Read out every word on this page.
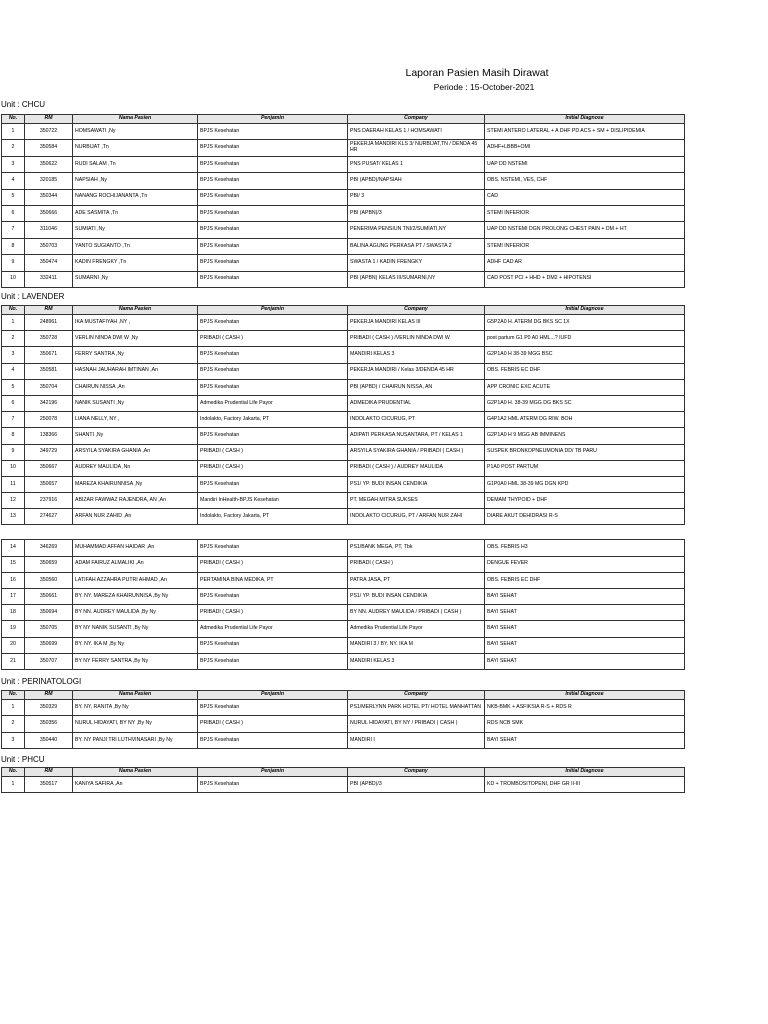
Laporan Pasien Masih Dirawat
Periode : 15-October-2021
Unit : CHCU
No.	RM	Nama Pasien	Penjamin	Company	Initial Diagnose
1	350722	HOMSAWATI ,Ny	BPJS Kesehatan	PNS DAERAH KELAS 1 / HOMSAWATI	STEMI ANTERO LATERAL + A DHF PD ACS + SM + DISLIPIDEMIA
2	350584	NURBIJAT ,Tn	BPJS Kesehatan	PEKERJA MANDIRI KLS 3/ NURBIJAT,TN / DENDA 45 HR	ADHF+LBBB+OMI
3	350622	RUDI SALAM ,Tn	BPJS Kesehatan	PNS PUSAT/ KELAS 1	UAP DD NSTEMI
4	320185	NAPSIAH ,Ny	BPJS Kesehatan	PBI (APBD)/NAPSIAH	OBS. NSTEMI, VES, CHF
5	350344	NANANG ROCHIJANANTA ,Tn	BPJS Kesehatan	PBI/ 3	CAD
6	350666	ADE SASMITA ,Tn	BPJS Kesehatan	PBI (APBN)/3	STEMI INFERIOR
7	311046	SUMIATI ,Ny	BPJS Kesehatan	PENERIMA PENSIUN TNI/2/SUMIATI,NY	UAP DD NSTEMI DGN PROLONG CHEST PAIN + DM + HT
8	350703	YANTO SUGIANTO ,Tn	BPJS Kesehatan	BALINA AGUNG PERKASA PT / SWASTA 2	STEMI INFERIOR
9	350474	KADIN FRENGKY ,Tn	BPJS Kesehatan	SWASTA 1 / KADIN FRENGKY	ADHF CAD AR
10	332411	SUMARNI ,Ny	BPJS Kesehatan	PBI (APBN) KELAS III/SUMARNI,NY	CAD POST PCI + HHD + DM2 + HIPOTENSI
Unit : LAVENDER
No.	RM	Nama Pasien	Penjamin	Company	Initial Diagnose
1	248961	IKA MUSTAFIYAH ,NY ,	BPJS Kesehatan	PEKERJA MANDIRI KELAS III	G5P2A0 H. ATERM DG BKS SC 1X
2	350728	VERLIN NINDA DWI W ,Ny	PRIBADI ( CASH )	PRIBADI ( CASH ) /VERLIN NINDA DWI W	post partum G1 P0 A0 HML...? IUFD
3	350671	FERRY SANTRA ,Ny	BPJS Kesehatan	MANDIRI KELAS 3	G2P1A0 H 38-39 MGG BSC
4	350581	HASNAH JAUHARAH IMTINAN ,An	BPJS Kesehatan	PEKERJA MANDIRI / Kelas 3/DENDA 45 HR	OBS. FEBRIS EC DHF
5	350704	CHAIRUN NISSA ,An	BPJS Kesehatan	PBI (APBD) / CHAIRUN NISSA, AN	APP CRONIC EXC ACUTE
6	342196	NANIK SUSANTI ,Ny	Admedika Prudential Life Payor	ADMEDIKA PRUDENTIAL	G2P1A0 H. 38-39 MGG DG BKS SC
7	250078	LIANA NELLY, NY ,	Indolakto, Factory Jakarta, PT	INDOLAKTO CICURUG, PT	G4P1A2 HML ATERM DG RIW. BOH
8	138366	SHANTI ,Ny	BPJS Kesehatan	ADIPATI PERKASA NUSANTARA, PT / KELAS 1	G2P1A0 H 9 MGG AB IMMINENS
9	349729	ARSYILA SYAKIRA GHANIA ,An	PRIBADI ( CASH )	ARSYILA SYAKIRA GHANIA / PRIBADI ( CASH )	SUSPEK BRONKOPNEUMONIA DD/ TB PARU
10	350667	AUDREY MAULIDA ,Nn	PRIBADI ( CASH )	PRIBADI ( CASH ) / AUDREY MAULIDA	P1A0 POST PARTUM
11	350657	MAREZA KHAIRUNNISA ,Ny	BPJS Kesehatan	PS1/ YP. BUDI INSAN CENDIKIA	G1P0A0 HML 38-39 MG DGN KPD
12	237916	ABIZAR FAWWAZ RAJENDRA, AN ,An	Mandiri InHealth-BPJS Kesehatan	PT. MEGAH MITRA SUKSES	DEMAM THYPOID + DHF
13	274627	ARFAN NUR ZAHID ,An	Indolakto, Factory Jakarta, PT	INDOLAKTO CICURUG, PT / ARFAN NUR ZAHI	DIARE AKUT DEHIDRASI R-S

14	346269	MUHAMMAD AFFAN HAIDAR ,An	BPJS Kesehatan	PS1/BANK MEGA, PT, Tbk	OBS. FEBRIS H3
15	350659	ADAM FAIRUZ ALMALIKI ,An	PRIBADI ( CASH )	PRIBADI ( CASH )	DENGUE FEVER
16	350560	LATIFAH AZZAHRA PUTRI AHMAD ,An	PERTAMINA BINA MEDIKA, PT	PATRA JASA, PT	OBS. FEBRIS EC DHF
17	350661	BY. NY. MAREZA KHAIRUNNISA ,By Ny	BPJS Kesehatan	PS1/ YP. BUDI INSAN CENDIKIA	BAYI SEHAT
18	350694	BY NN. AUDREY MAULIDA ,By Ny	PRIBADI ( CASH )	BY NN. AUDREY MAULIDA / PRIBADI ( CASH )	BAYI SEHAT
19	350705	BY NY NANIK SUSANTI ,By Ny	Admedika Prudential Life Payor	Admedika Prudential Life Payor	BAYI SEHAT
20	350699	BY. NY. IKA M ,By Ny	BPJS Kesehatan	MANDIRI 3 / BY. NY. IKA M	BAYI SEHAT
21	350707	BY NY FERRY SANTRA ,By Ny	BPJS Kesehatan	MANDIRI KELAS 3	BAYI SEHAT
Unit : PERINATOLOGI
No.	RM	Nama Pasien	Penjamin	Company	Initial Diagnose
1	350329	BY. NY, RANITA ,By Ny	BPJS Kesehatan	PS1/MERLYNN PARK HOTEL PT/ HOTEL MANHATTAN	NKB-BMK + ASFIKSIA R-S + RDS R
2	350356	NURUL HIDAYATI, BY NY ,By Ny	PRIBADI ( CASH )	NURUL HIDAYATI, BY NY / PRIBADI ( CASH )	RDS NCB SMK
3	350440	BY. NY PANJI TRI LUTHVINASARI ,By Ny	BPJS Kesehatan	MANDIRI I	BAYI SEHAT
Unit : PHCU
No.	RM	Nama Pasien	Penjamin	Company	Initial Diagnose
1	350517	KANIYA SAFIRA ,An	BPJS Kesehatan	PBI (APBD)/3	KD + TROMBOSITOPENI, DHF GR II-III
